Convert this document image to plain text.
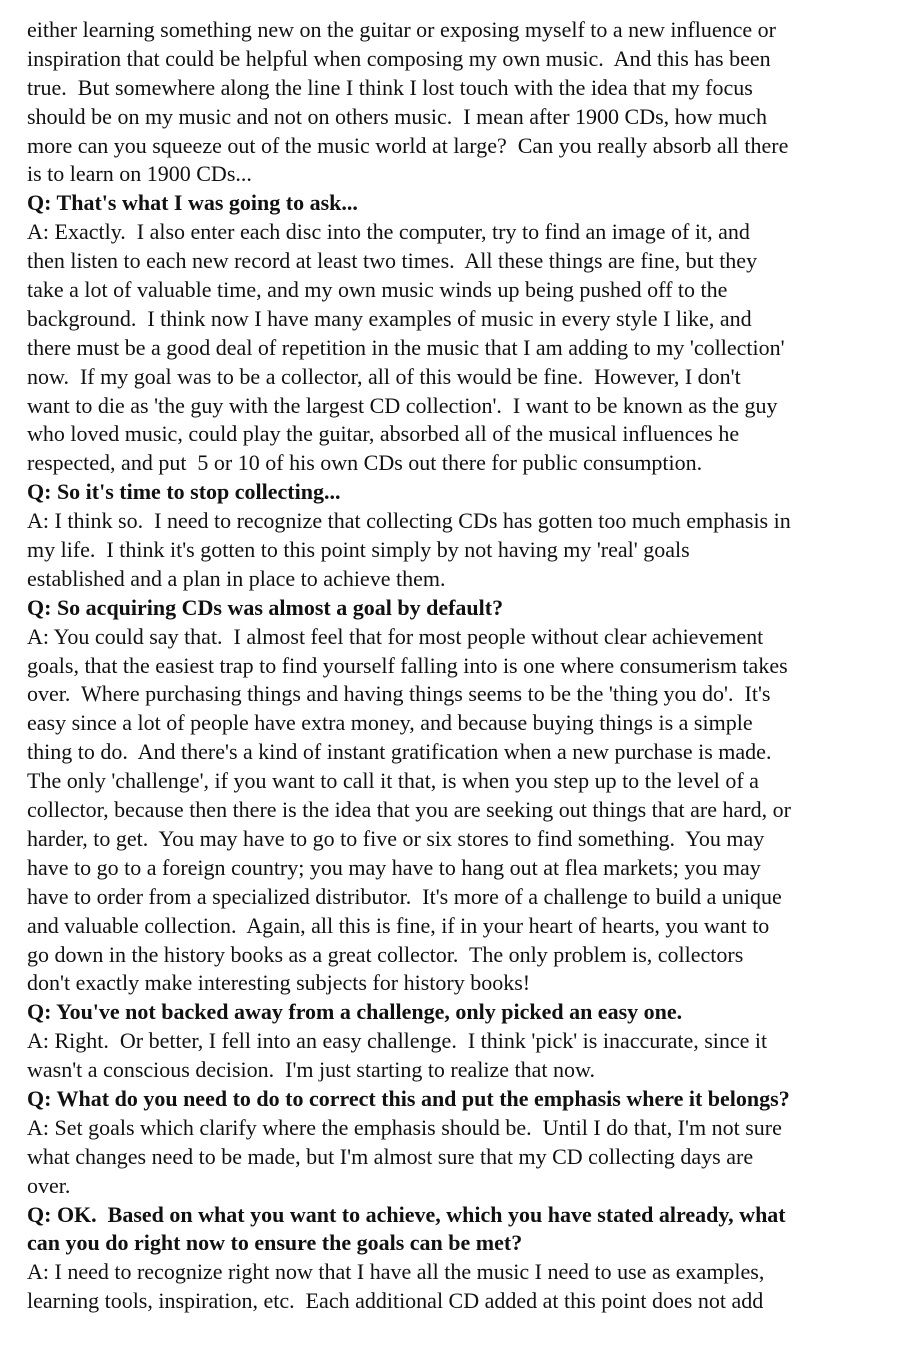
either learning something new on the guitar or exposing myself to a new influence or
inspiration that could be helpful when composing my own music.  And this has been
true.  But somewhere along the line I think I lost touch with the idea that my focus
should be on my music and not on others music.  I mean after 1900 CDs, how much
more can you squeeze out of the music world at large?  Can you really absorb all there
is to learn on 1900 CDs...
Q: That's what I was going to ask...
A: Exactly.  I also enter each disc into the computer, try to find an image of it, and
then listen to each new record at least two times.  All these things are fine, but they
take a lot of valuable time, and my own music winds up being pushed off to the
background.  I think now I have many examples of music in every style I like, and
there must be a good deal of repetition in the music that I am adding to my 'collection'
now.  If my goal was to be a collector, all of this would be fine.  However, I don't
want to die as 'the guy with the largest CD collection'.  I want to be known as the guy
who loved music, could play the guitar, absorbed all of the musical influences he
respected, and put  5 or 10 of his own CDs out there for public consumption.
Q: So it's time to stop collecting...
A: I think so.  I need to recognize that collecting CDs has gotten too much emphasis in
my life.  I think it's gotten to this point simply by not having my 'real' goals
established and a plan in place to achieve them.
Q: So acquiring CDs was almost a goal by default?
A: You could say that.  I almost feel that for most people without clear achievement
goals, that the easiest trap to find yourself falling into is one where consumerism takes
over.  Where purchasing things and having things seems to be the 'thing you do'.  It's
easy since a lot of people have extra money, and because buying things is a simple
thing to do.  And there's a kind of instant gratification when a new purchase is made.
The only 'challenge', if you want to call it that, is when you step up to the level of a
collector, because then there is the idea that you are seeking out things that are hard, or
harder, to get.  You may have to go to five or six stores to find something.  You may
have to go to a foreign country; you may have to hang out at flea markets; you may
have to order from a specialized distributor.  It's more of a challenge to build a unique
and valuable collection.  Again, all this is fine, if in your heart of hearts, you want to
go down in the history books as a great collector.  The only problem is, collectors
don't exactly make interesting subjects for history books!
Q: You've not backed away from a challenge, only picked an easy one.
A: Right.  Or better, I fell into an easy challenge.  I think 'pick' is inaccurate, since it
wasn't a conscious decision.  I'm just starting to realize that now.
Q: What do you need to do to correct this and put the emphasis where it belongs?
A: Set goals which clarify where the emphasis should be.  Until I do that, I'm not sure
what changes need to be made, but I'm almost sure that my CD collecting days are
over.
Q: OK.  Based on what you want to achieve, which you have stated already, what
can you do right now to ensure the goals can be met?
A: I need to recognize right now that I have all the music I need to use as examples,
learning tools, inspiration, etc.  Each additional CD added at this point does not add
